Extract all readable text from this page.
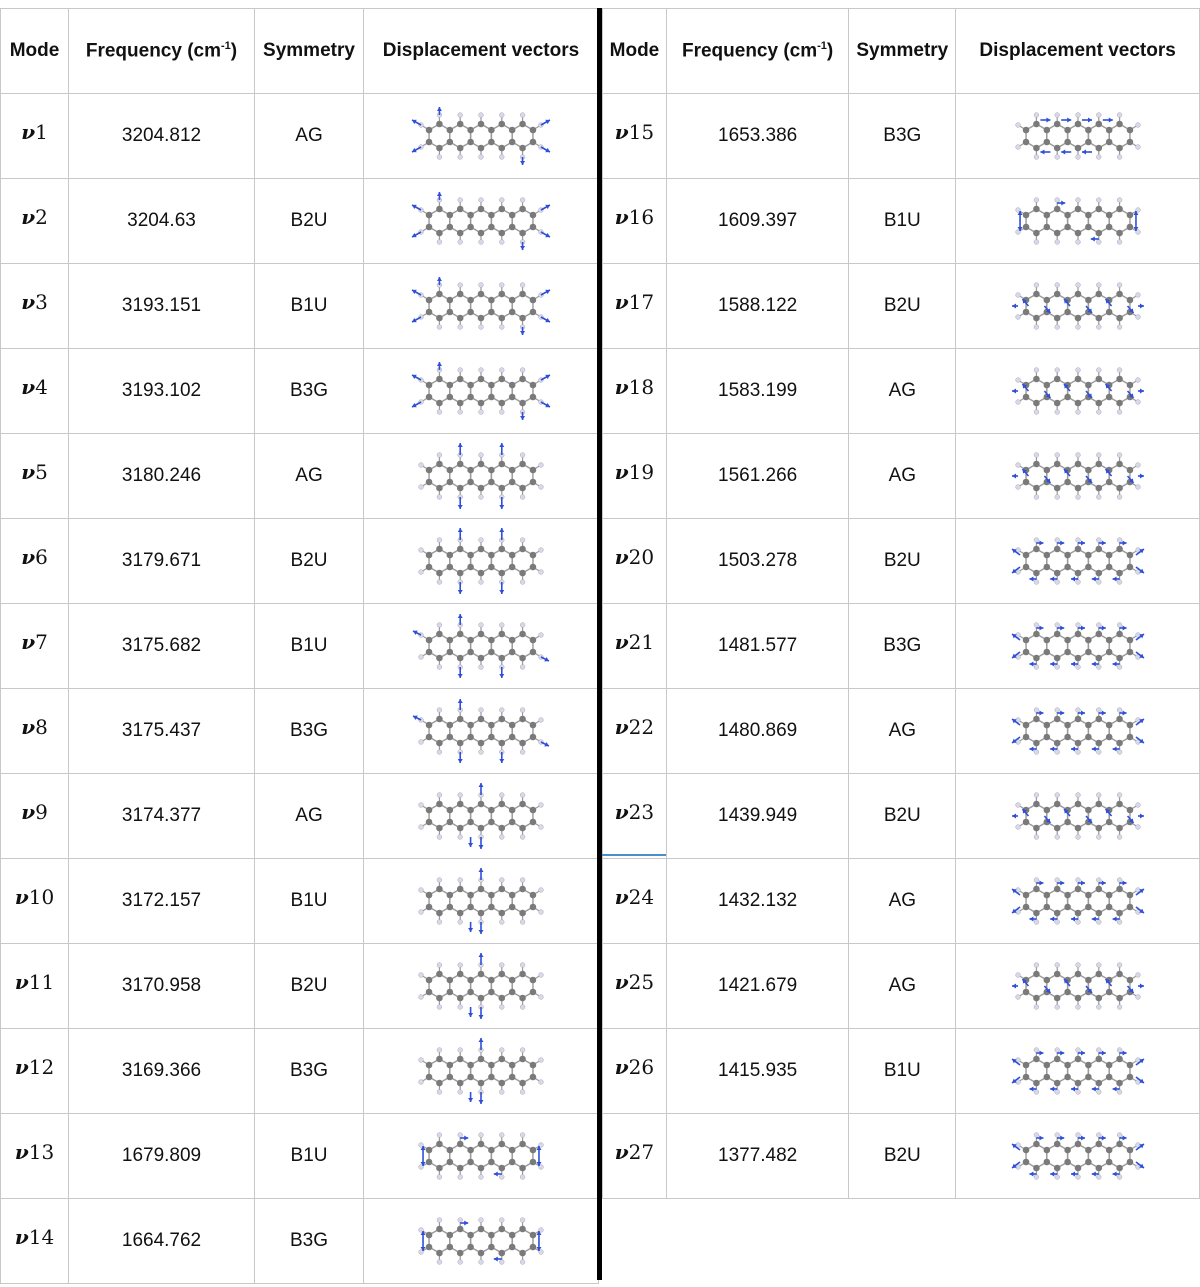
Mode	Frequency $(cm^{-1})$	Symmetry	Displacement vectors
ν1	3204.812	AG	

ν2	3204.63	B2U	

ν3	3193.151	B1U	

ν4	3193.102	B3G	

ν5	3180.246	AG	

ν6	3179.671	B2U	

ν7	3175.682	B1U	

ν8	3175.437	B3G	

ν9	3174.377	AG	

ν10	3172.157	B1U	

ν11	3170.958	B2U	

ν12	3169.366	B3G	

ν13	1679.809	B1U	

ν14	1664.762	B3G	
Mode	Frequency $(cm^{-1})$	Symmetry	Displacement vectors
ν15	1653.386	B3G	

ν16	1609.397	B1U	

ν17	1588.122	B2U	

ν18	1583.199	AG	

ν19	1561.266	AG	

ν20	1503.278	B2U	

ν21	1481.577	B3G	

ν22	1480.869	AG	

ν23	1439.949	B2U	

ν24	1432.132	AG	

ν25	1421.679	AG	

ν26	1415.935	B1U	

ν27	1377.482	B2U	
